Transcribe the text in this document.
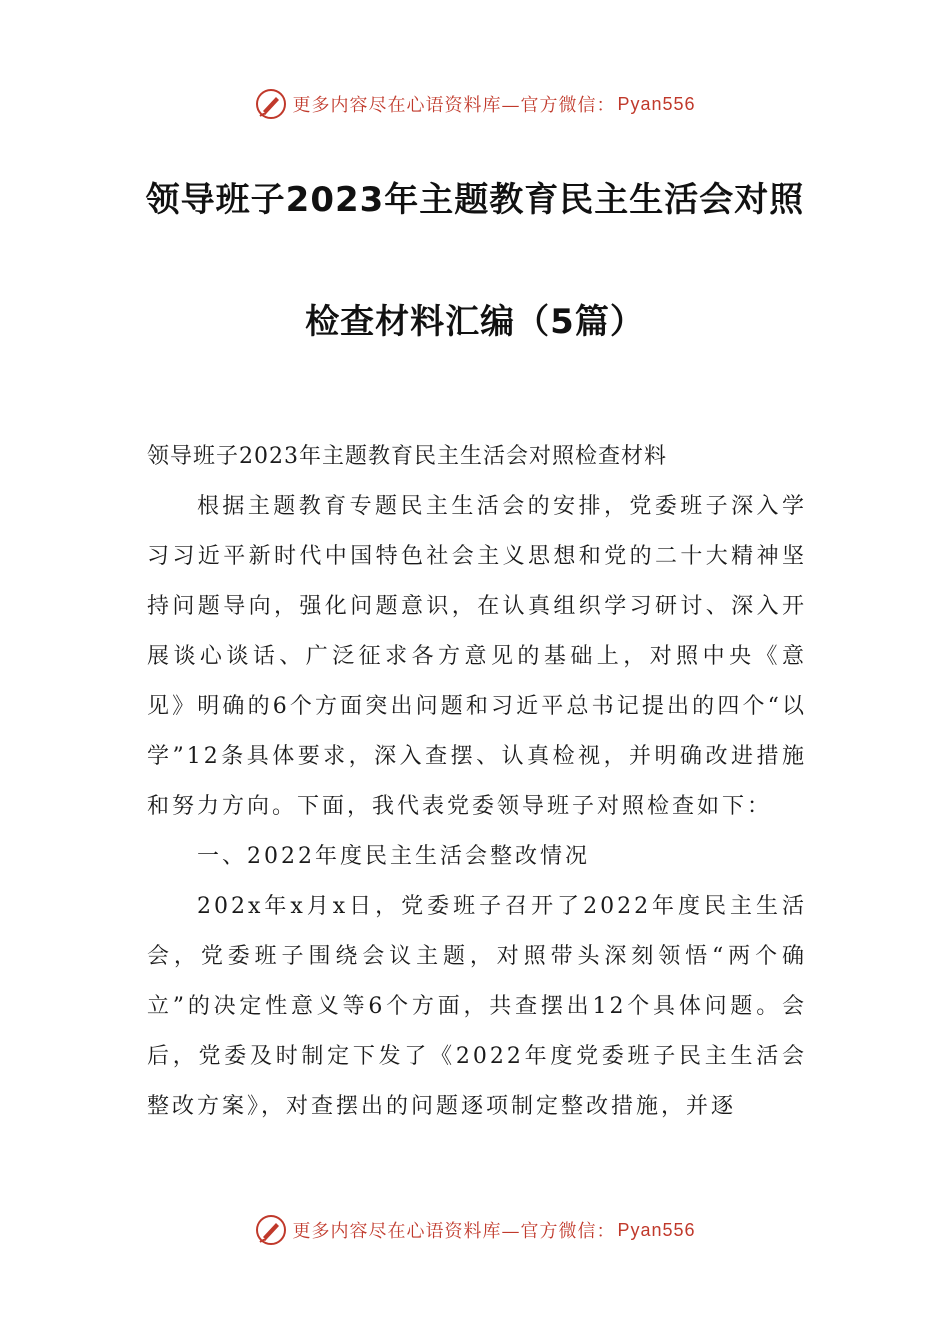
更多内容尽在心语资料库—官方微信： Pyan556
领导班子2023年主题教育民主生活会对照
检查材料汇编（5篇）

领导班子2023年主题教育民主生活会对照检查材料

根据主题教育专题民主生活会的安排，党委班子深入学习习近平新时代中国特色社会主义思想和党的二十大精神坚持问题导向，强化问题意识，在认真组织学习研讨、深入开展谈心谈话、广泛征求各方意见的基础上，对照中央《意见》明确的6个方面突出问题和习近平总书记提出的四个“以学”12条具体要求，深入查摆、认真检视，并明确改进措施和努力方向。下面，我代表党委领导班子对照检查如下：

一、2022年度民主生活会整改情况

202x年x月x日，党委班子召开了2022年度民主生活会，党委班子围绕会议主题，对照带头深刻领悟“两个确立”的决定性意义等6个方面，共查摆出12个具体问题。会后，党委及时制定下发了《2022年度党委班子民主生活会整改方案》，对查摆出的问题逐项制定整改措施，并逐

更多内容尽在心语资料库—官方微信： Pyan556
